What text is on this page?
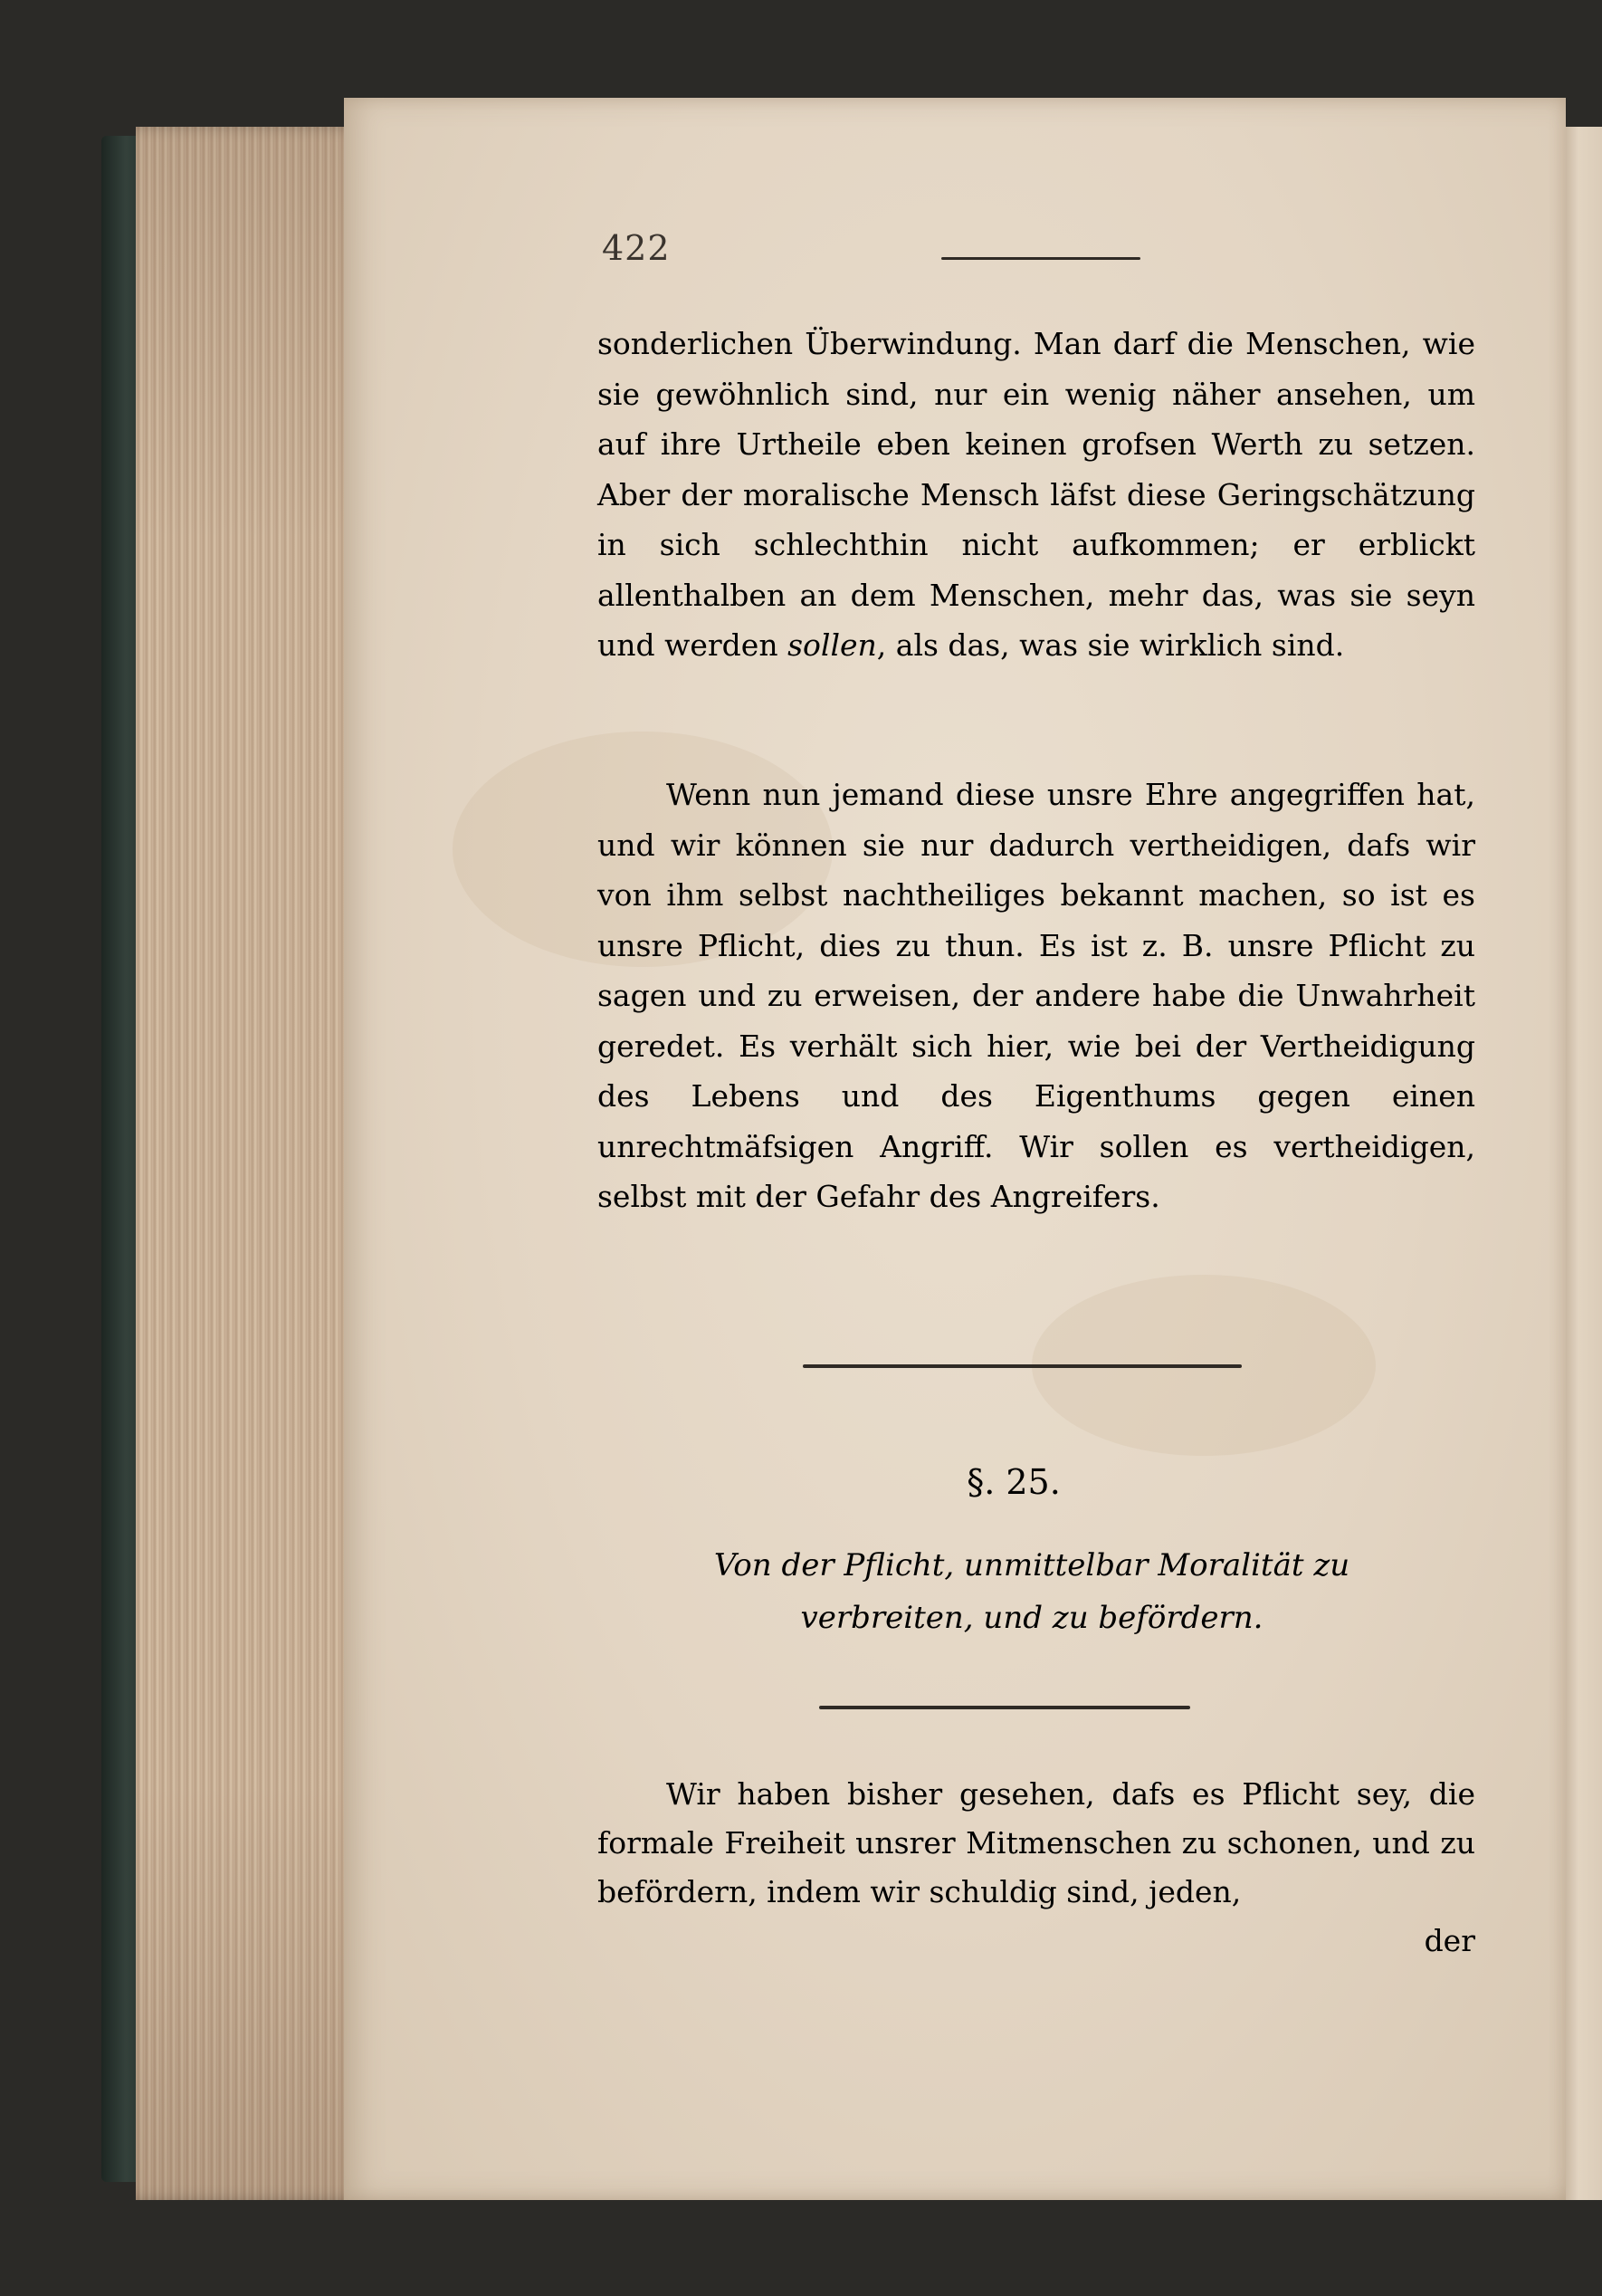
422
sonderlichen Überwindung. Man darf die Menschen, wie sie gewöhnlich sind, nur ein wenig näher ansehen, um auf ihre Urtheile eben keinen grofsen Werth zu setzen. Aber der moralische Mensch läfst diese Geringschätzung in sich schlechthin nicht aufkommen; er erblickt allenthalben an dem Menschen, mehr das, was sie seyn und werden sollen, als das, was sie wirklich sind.
Wenn nun jemand diese unsre Ehre angegriffen hat, und wir können sie nur dadurch vertheidigen, dafs wir von ihm selbst nachtheiliges bekannt machen, so ist es unsre Pflicht, dies zu thun. Es ist z. B. unsre Pflicht zu sagen und zu erweisen, der andere habe die Unwahrheit geredet. Es verhält sich hier, wie bei der Vertheidigung des Lebens und des Eigenthums gegen einen unrechtmäfsigen Angriff. Wir sollen es vertheidigen, selbst mit der Gefahr des Angreifers.
§. 25.
Von der Pflicht, unmittelbar Moralität zu verbreiten, und zu befördern.
Wir haben bisher gesehen, dafs es Pflicht sey, die formale Freiheit unsrer Mitmenschen zu schonen, und zu befördern, indem wir schuldig sind, jeden,
der
